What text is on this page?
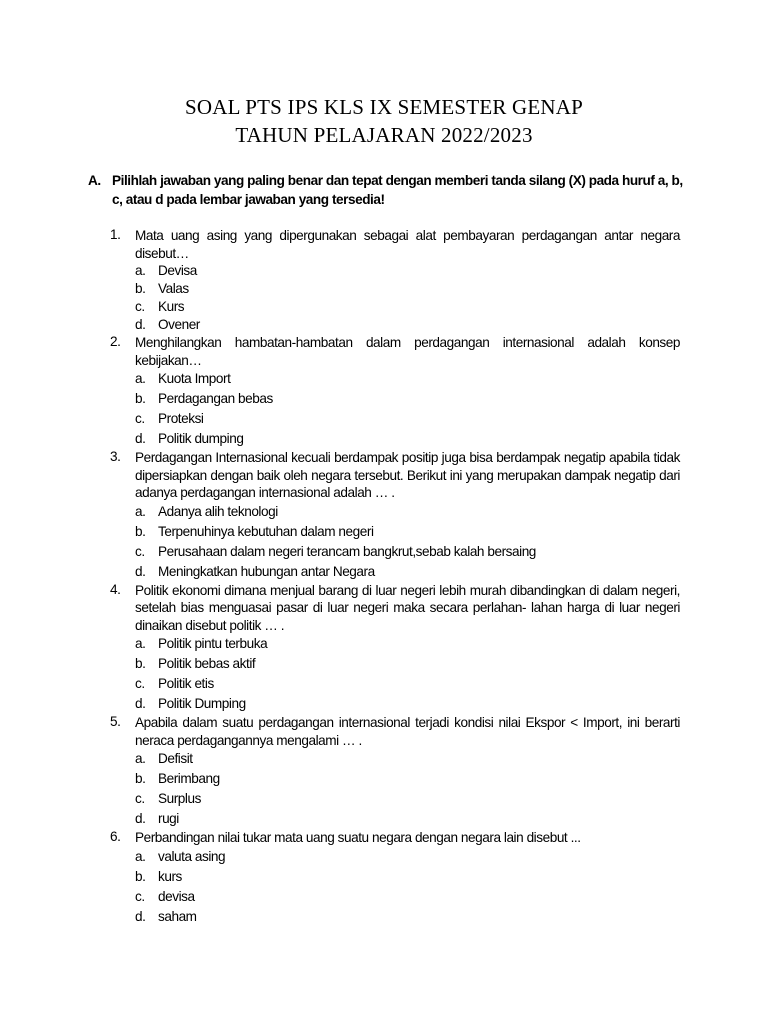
SOAL PTS IPS KLS IX SEMESTER GENAP
TAHUN PELAJARAN 2022/2023
A. Pilihlah jawaban yang paling benar dan tepat dengan memberi tanda silang (X) pada huruf a, b, c, atau d pada lembar jawaban yang tersedia!
1. Mata uang asing yang dipergunakan sebagai alat pembayaran perdagangan antar negara disebut…
a. Devisa
b. Valas
c. Kurs
d. Ovener
2. Menghilangkan hambatan-hambatan dalam perdagangan internasional adalah konsep kebijakan…
a. Kuota Import
b. Perdagangan bebas
c. Proteksi
d. Politik dumping
3. Perdagangan Internasional kecuali berdampak positip juga bisa berdampak negatip apabila tidak dipersiapkan dengan baik oleh negara tersebut. Berikut ini yang merupakan dampak negatip dari adanya perdagangan internasional adalah … .
a. Adanya alih teknologi
b. Terpenuhinya kebutuhan dalam negeri
c. Perusahaan dalam negeri terancam bangkrut,sebab kalah bersaing
d. Meningkatkan hubungan antar Negara
4. Politik ekonomi dimana menjual barang di luar negeri lebih murah dibandingkan di dalam negeri, setelah bias menguasai pasar di luar negeri maka secara perlahan- lahan harga di luar negeri dinaikan disebut politik … .
a. Politik pintu terbuka
b. Politik bebas aktif
c. Politik etis
d. Politik Dumping
5. Apabila dalam suatu perdagangan internasional terjadi kondisi nilai Ekspor < Import, ini berarti neraca perdagangannya mengalami … .
a. Defisit
b. Berimbang
c. Surplus
d. rugi
6. Perbandingan nilai tukar mata uang suatu negara dengan negara lain disebut ...
a. valuta asing
b. kurs
c. devisa
d. saham
